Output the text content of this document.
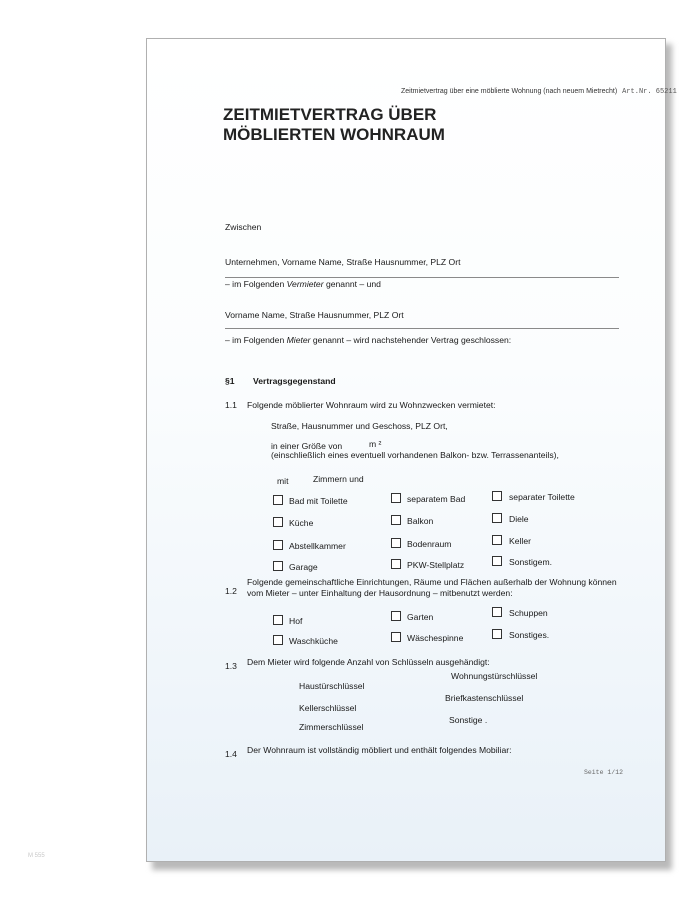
Zeitmietvertrag über eine möblierte Wohnung (nach neuem Mietrecht) Art.Nr. 65211
ZEITMIETVERTRAG ÜBER
MÖBLIERTEN WOHNRAUM
Zwischen
Unternehmen, Vorname Name, Straße Hausnummer, PLZ Ort
– im Folgenden Vermieter genannt – und
Vorname Name, Straße Hausnummer, PLZ Ort
– im Folgenden Mieter genannt – wird nachstehender Vertrag geschlossen:
§1 Vertragsgegenstand
1.1 Folgende möblierter Wohnraum wird zu Wohnzwecken vermietet:
Straße, Hausnummer und Geschoss, PLZ Ort,
in einer Größe von	m ²
(einschließlich eines eventuell vorhandenen Balkon- bzw. Terrassenanteils),
mit	Zimmern und
Bad mit Toilette	separatem Bad	separater Toilette
Küche	Balkon	Diele
Abstellkammer	Bodenraum	Keller
Garage	PKW-Stellplatz	Sonstigem.
1.2
Folgende gemeinschaftliche Einrichtungen, Räume und Flächen außerhalb der Wohnung können
vom Mieter – unter Einhaltung der Hausordnung – mitbenutzt werden:
Hof	Garten	Schuppen
Waschküche	Wäschespinne	Sonstiges.
1.3 Dem Mieter wird folgende Anzahl von Schlüsseln ausgehändigt:
Haustürschlüssel
Wohnungstürschlüssel
Briefkastenschlüssel
Kellerschlüssel
Zimmerschlüssel
Sonstige .
1.4 Der Wohnraum ist vollständig möbliert und enthält folgendes Mobiliar:
Seite 1/12
M 555
